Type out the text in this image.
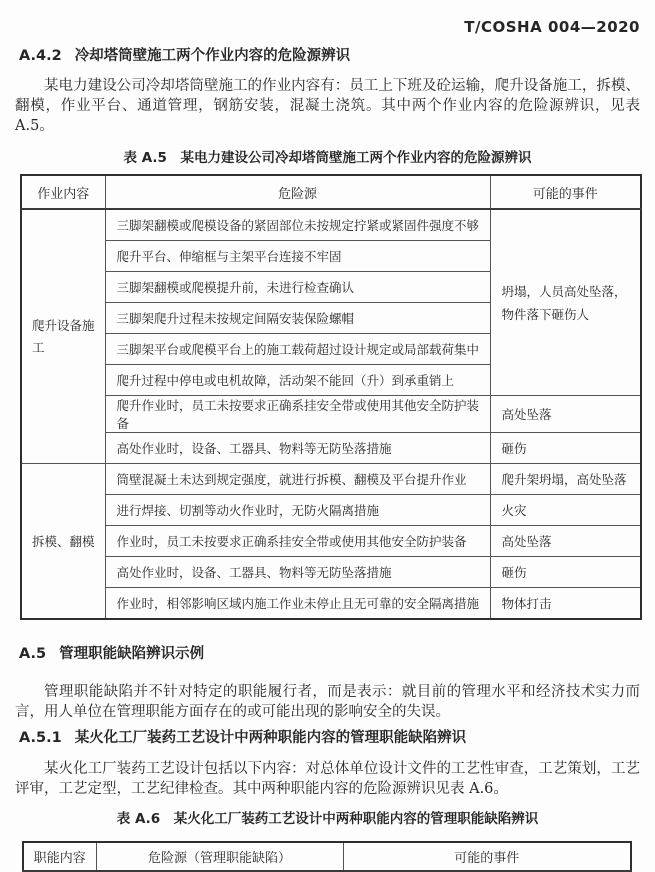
T/COSHA 004—2020
A.4.2 冷却塔筒壁施工两个作业内容的危险源辨识
某电力建设公司冷却塔筒壁施工的作业内容有：员工上下班及砼运输，爬升设备施工，拆模、翻模，作业平台、通道管理，钢筋安装，混凝土浇筑。其中两个作业内容的危险源辨识，见表 A.5。
表 A.5　某电力建设公司冷却塔筒壁施工两个作业内容的危险源辨识
作业内容	危险源	可能的事件
爬升设备施工	三脚架翻模或爬模设备的紧固部位未按规定拧紧或紧固件强度不够	坍塌，人员高处坠落，物件落下砸伤人
	爬升平台、伸缩框与主架平台连接不牢固	
	三脚架翻模或爬模提升前，未进行检查确认	
	三脚架爬升过程未按规定间隔安装保险螺帽	
	三脚架平台或爬模平台上的施工载荷超过设计规定或局部载荷集中	
	爬升过程中停电或电机故障，活动架不能回（升）到承重销上	
	爬升作业时，员工未按要求正确系挂安全带或使用其他安全防护装备	高处坠落
	高处作业时，设备、工器具、物料等无防坠落措施	砸伤
拆模、翻模	筒壁混凝土未达到规定强度，就进行拆模、翻模及平台提升作业	爬升架坍塌，高处坠落
	进行焊接、切割等动火作业时，无防火隔离措施	火灾
	作业时，员工未按要求正确系挂安全带或使用其他安全防护装备	高处坠落
	高处作业时，设备、工器具、物料等无防坠落措施	砸伤
	作业时，相邻影响区域内施工作业未停止且无可靠的安全隔离措施	物体打击
A.5 管理职能缺陷辨识示例
管理职能缺陷并不针对特定的职能履行者，而是表示：就目前的管理水平和经济技术实力而言，用人单位在管理职能方面存在的或可能出现的影响安全的失误。
A.5.1 某火化工厂装药工艺设计中两种职能内容的管理职能缺陷辨识
某火化工厂装药工艺设计包括以下内容：对总体单位设计文件的工艺性审查，工艺策划，工艺评审，工艺定型，工艺纪律检查。其中两种职能内容的危险源辨识见表 A.6。
表 A.6　某火化工厂装药工艺设计中两种职能内容的管理职能缺陷辨识
职能内容	危险源（管理职能缺陷）	可能的事件
